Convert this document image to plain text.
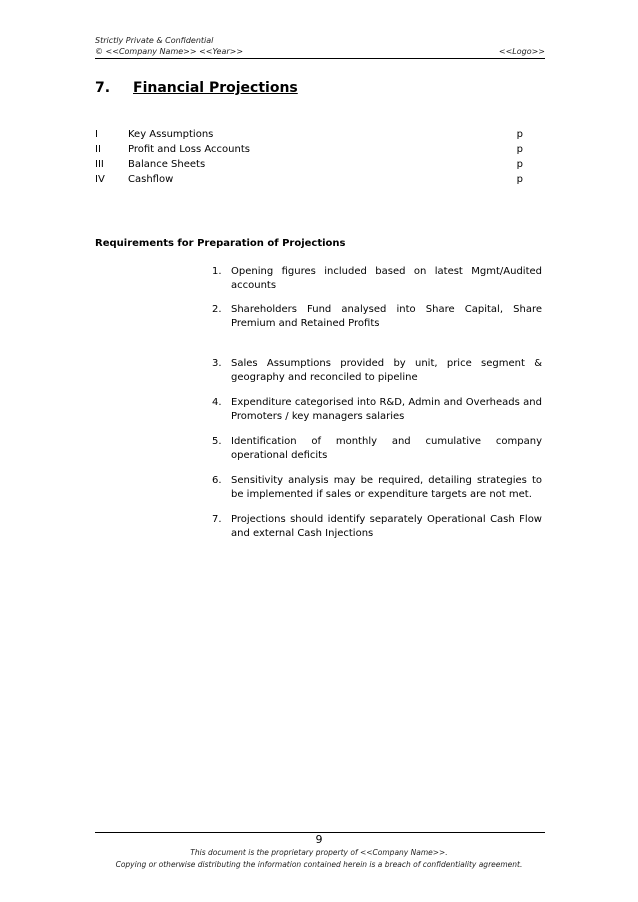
Strictly Private & Confidential
© <<Company Name>> <<Year>>	<<Logo>>
7. Financial Projections
I	Key Assumptions	p
II	Profit and Loss Accounts	p
III Balance Sheets	p
IV Cashflow	p
Requirements for Preparation of Projections
1. Opening figures included based on latest Mgmt/Audited accounts
2. Shareholders Fund analysed into Share Capital, Share Premium and Retained Profits
3. Sales Assumptions provided by unit, price segment & geography and reconciled to pipeline
4. Expenditure categorised into R&D, Admin and Overheads and Promoters / key managers salaries
5. Identification of monthly and cumulative company operational deficits
6. Sensitivity analysis may be required, detailing strategies to be implemented if sales or expenditure targets are not met.
7. Projections should identify separately Operational Cash Flow and external Cash Injections
9
This document is the proprietary property of <<Company Name>>.
Copying or otherwise distributing the information contained herein is a breach of confidentiality agreement.
